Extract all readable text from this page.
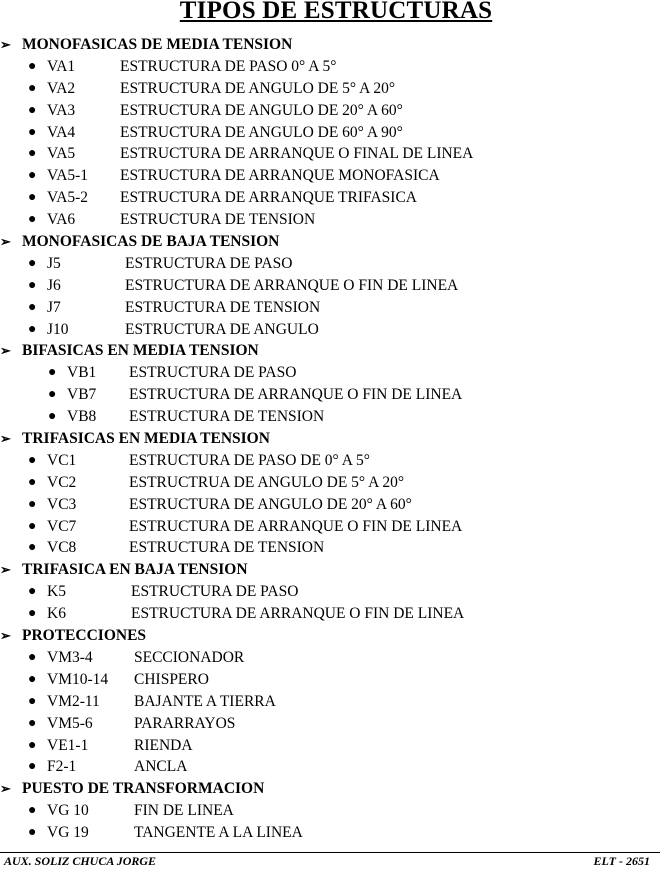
TIPOS DE ESTRUCTURAS
➢ MONOFASICAS DE MEDIA TENSION
● VA1	ESTRUCTURA DE PASO 0° A 5°
● VA2	ESTRUCTURA DE ANGULO DE 5° A 20°
● VA3	ESTRUCTURA DE ANGULO DE 20° A 60°
● VA4	ESTRUCTURA DE ANGULO DE 60° A 90°
● VA5	ESTRUCTURA DE ARRANQUE O FINAL DE LINEA
● VA5-1 ESTRUCTURA DE ARRANQUE MONOFASICA
● VA5-2 ESTRUCTURA DE ARRANQUE TRIFASICA
● VA6	ESTRUCTURA DE TENSION
➢ MONOFASICAS DE BAJA TENSION
● J5	ESTRUCTURA DE PASO
● J6	ESTRUCTURA DE ARRANQUE O FIN DE LINEA
● J7	ESTRUCTURA DE TENSION
● J10	ESTRUCTURA DE ANGULO
➢ BIFASICAS EN MEDIA TENSION
● VB1 ESTRUCTURA DE PASO
● VB7 ESTRUCTURA DE ARRANQUE O FIN DE LINEA
● VB8 ESTRUCTURA DE TENSION
➢ TRIFASICAS EN MEDIA TENSION
● VC1	ESTRUCTURA DE PASO DE 0° A 5°
● VC2	ESTRUCTRUA DE ANGULO DE 5° A 20°
● VC3	ESTRUCTURA DE ANGULO DE 20° A 60°
● VC7	ESTRUCTURA DE ARRANQUE O FIN DE LINEA
● VC8	ESTRUCTURA DE TENSION
➢ TRIFASICA EN BAJA TENSION
● K5	ESTRUCTURA DE PASO
● K6	ESTRUCTURA DE ARRANQUE O FIN DE LINEA
➢ PROTECCIONES
● VM3-4	SECCIONADOR
● VM10-14 CHISPERO
● VM2-11 BAJANTE A TIERRA
● VM5-6	PARARRAYOS
● VE1-1	RIENDA
● F2-1	ANCLA
➢ PUESTO DE TRANSFORMACION
● VG 10	FIN DE LINEA
● VG 19	TANGENTE A LA LINEA
AUX. SOLIZ CHUCA JORGE	ELT - 2651
